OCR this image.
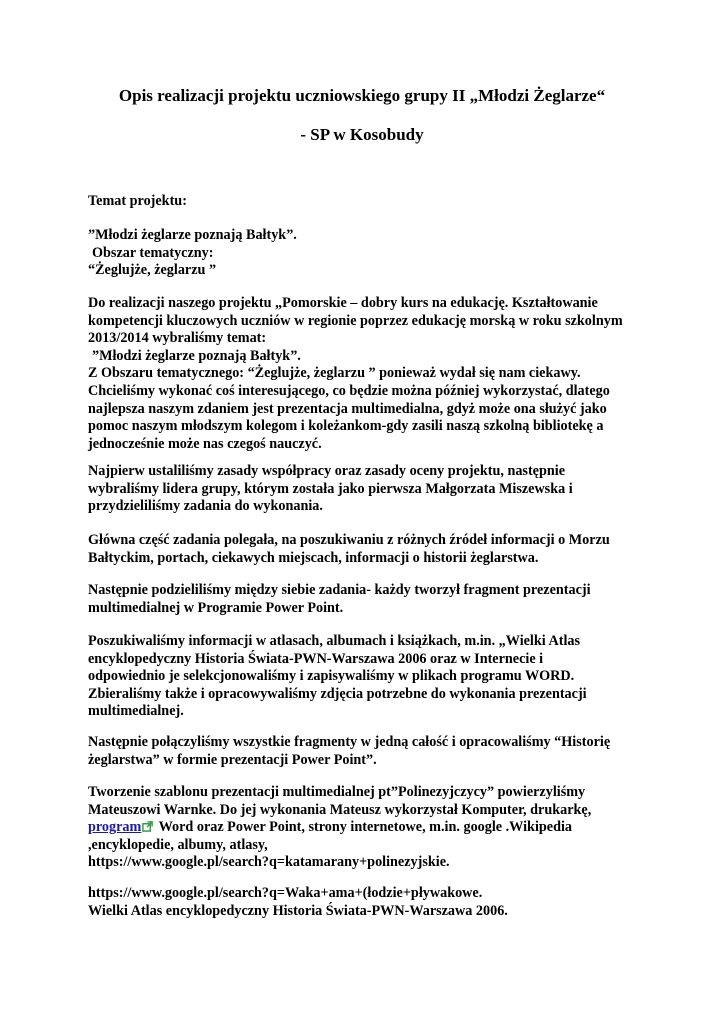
Opis realizacji projektu uczniowskiego grupy II „Młodzi Żeglarze“
- SP w Kosobudy
Temat projektu:
”Młodzi żeglarze poznają Bałtyk”.
Obszar tematyczny:
“Żeglujże, żeglarzu ”
Do realizacji naszego projektu „Pomorskie – dobry kurs na edukację. Kształtowanie
kompetencji kluczowych uczniów w regionie poprzez edukację morską w roku szkolnym
2013/2014 wybraliśmy temat:
”Młodzi żeglarze poznają Bałtyk”.
Z Obszaru tematycznego: “Żeglujże, żeglarzu ” ponieważ wydał się nam ciekawy.
Chcieliśmy wykonać coś interesującego, co będzie można później wykorzystać, dlatego
najlepsza naszym zdaniem jest prezentacja multimedialna, gdyż może ona służyć jako
pomoc naszym młodszym kolegom i koleżankom-gdy zasili naszą szkolną bibliotekę a
jednocześnie może nas czegoś nauczyć.
Najpierw ustaliliśmy zasady współpracy oraz zasady oceny projektu, następnie
wybraliśmy lidera grupy, którym została jako pierwsza Małgorzata Miszewska i
przydzieliliśmy zadania do wykonania.
Główna część zadania polegała, na poszukiwaniu z różnych źródeł informacji o Morzu
Bałtyckim, portach, ciekawych miejscach, informacji o historii żeglarstwa.
Następnie podzieliliśmy między siebie zadania- każdy tworzył fragment prezentacji
multimedialnej w Programie Power Point.
Poszukiwaliśmy informacji w atlasach, albumach i książkach, m.in. „Wielki Atlas
encyklopedyczny Historia Świata-PWN-Warszawa 2006 oraz w Internecie i
odpowiednio je selekcjonowaliśmy i zapisywaliśmy w plikach programu WORD.
Zbieraliśmy także i opracowywaliśmy zdjęcia potrzebne do wykonania prezentacji
multimedialnej.
Następnie połączyliśmy wszystkie fragmenty w jedną całość i opracowaliśmy “Historię
żeglarstwa” w formie prezentacji Power Point”.
Tworzenie szablonu prezentacji multimedialnej pt”Polinezyjczycy” powierzyliśmy
Mateuszowi Warnke. Do jej wykonania Mateusz wykorzystał Komputer, drukarkę,
program Word oraz Power Point, strony internetowe, m.in. google .Wikipedia
,encyklopedie, albumy, atlasy,
https://www.google.pl/search?q=katamarany+polinezyjskie.
https://www.google.pl/search?q=Waka+ama+(łodzie+pływakowe.
Wielki Atlas encyklopedyczny Historia Świata-PWN-Warszawa 2006.
